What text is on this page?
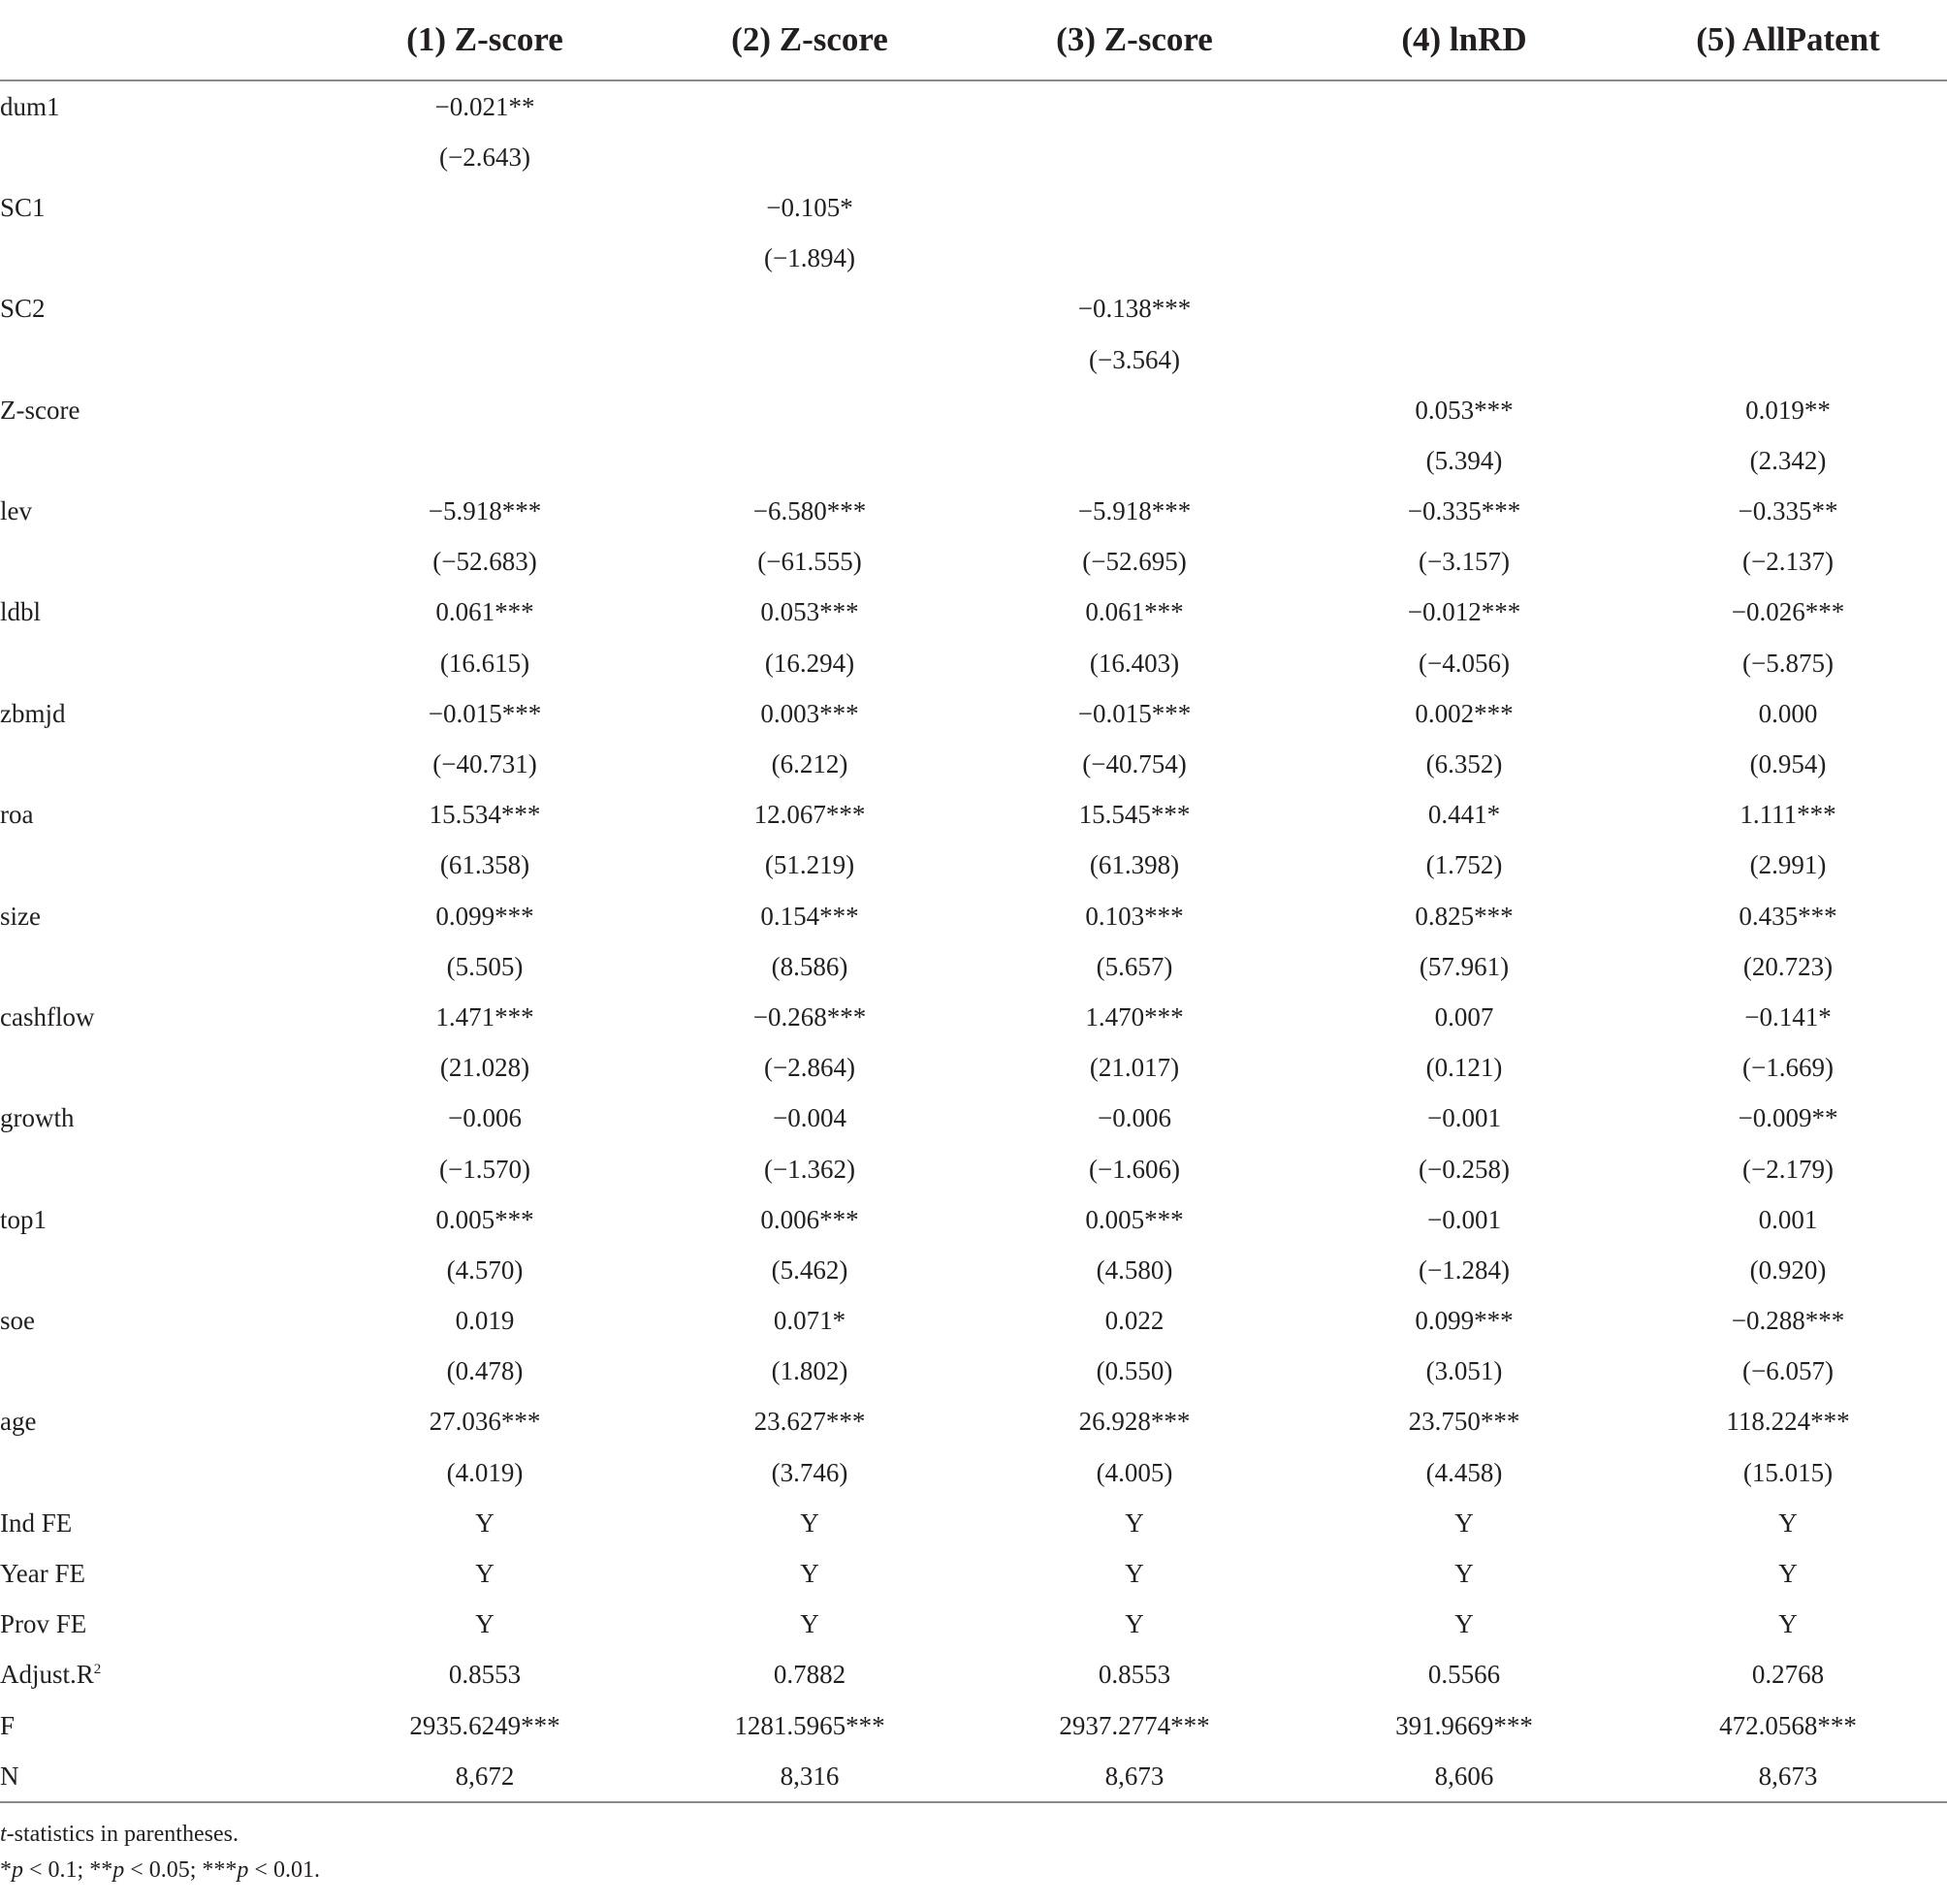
	(1) Z-score	(2) Z-score	(3) Z-score	(4) lnRD	(5) AllPatent
dum1	−0.021**				
	(−2.643)				
SC1		−0.105*			
		(−1.894)			
SC2			−0.138***		
			(−3.564)		
Z-score				0.053***	0.019**
				(5.394)	(2.342)
lev	−5.918***	−6.580***	−5.918***	−0.335***	−0.335**
	(−52.683)	(−61.555)	(−52.695)	(−3.157)	(−2.137)
ldbl	0.061***	0.053***	0.061***	−0.012***	−0.026***
	(16.615)	(16.294)	(16.403)	(−4.056)	(−5.875)
zbmjd	−0.015***	0.003***	−0.015***	0.002***	0.000
	(−40.731)	(6.212)	(−40.754)	(6.352)	(0.954)
roa	15.534***	12.067***	15.545***	0.441*	1.111***
	(61.358)	(51.219)	(61.398)	(1.752)	(2.991)
size	0.099***	0.154***	0.103***	0.825***	0.435***
	(5.505)	(8.586)	(5.657)	(57.961)	(20.723)
cashflow	1.471***	−0.268***	1.470***	0.007	−0.141*
	(21.028)	(−2.864)	(21.017)	(0.121)	(−1.669)
growth	−0.006	−0.004	−0.006	−0.001	−0.009**
	(−1.570)	(−1.362)	(−1.606)	(−0.258)	(−2.179)
top1	0.005***	0.006***	0.005***	−0.001	0.001
	(4.570)	(5.462)	(4.580)	(−1.284)	(0.920)
soe	0.019	0.071*	0.022	0.099***	−0.288***
	(0.478)	(1.802)	(0.550)	(3.051)	(−6.057)
age	27.036***	23.627***	26.928***	23.750***	118.224***
	(4.019)	(3.746)	(4.005)	(4.458)	(15.015)
Ind FE	Y	Y	Y	Y	Y
Year FE	Y	Y	Y	Y	Y
Prov FE	Y	Y	Y	Y	Y
$Adjust.R^2$	0.8553	0.7882	0.8553	0.5566	0.2768
F	2935.6249***	1281.5965***	2937.2774***	391.9669***	472.0568***
N	8,672	8,316	8,673	8,606	8,673
t-statistics in parentheses.
*p < 0.1; **p < 0.05; ***p < 0.01.
